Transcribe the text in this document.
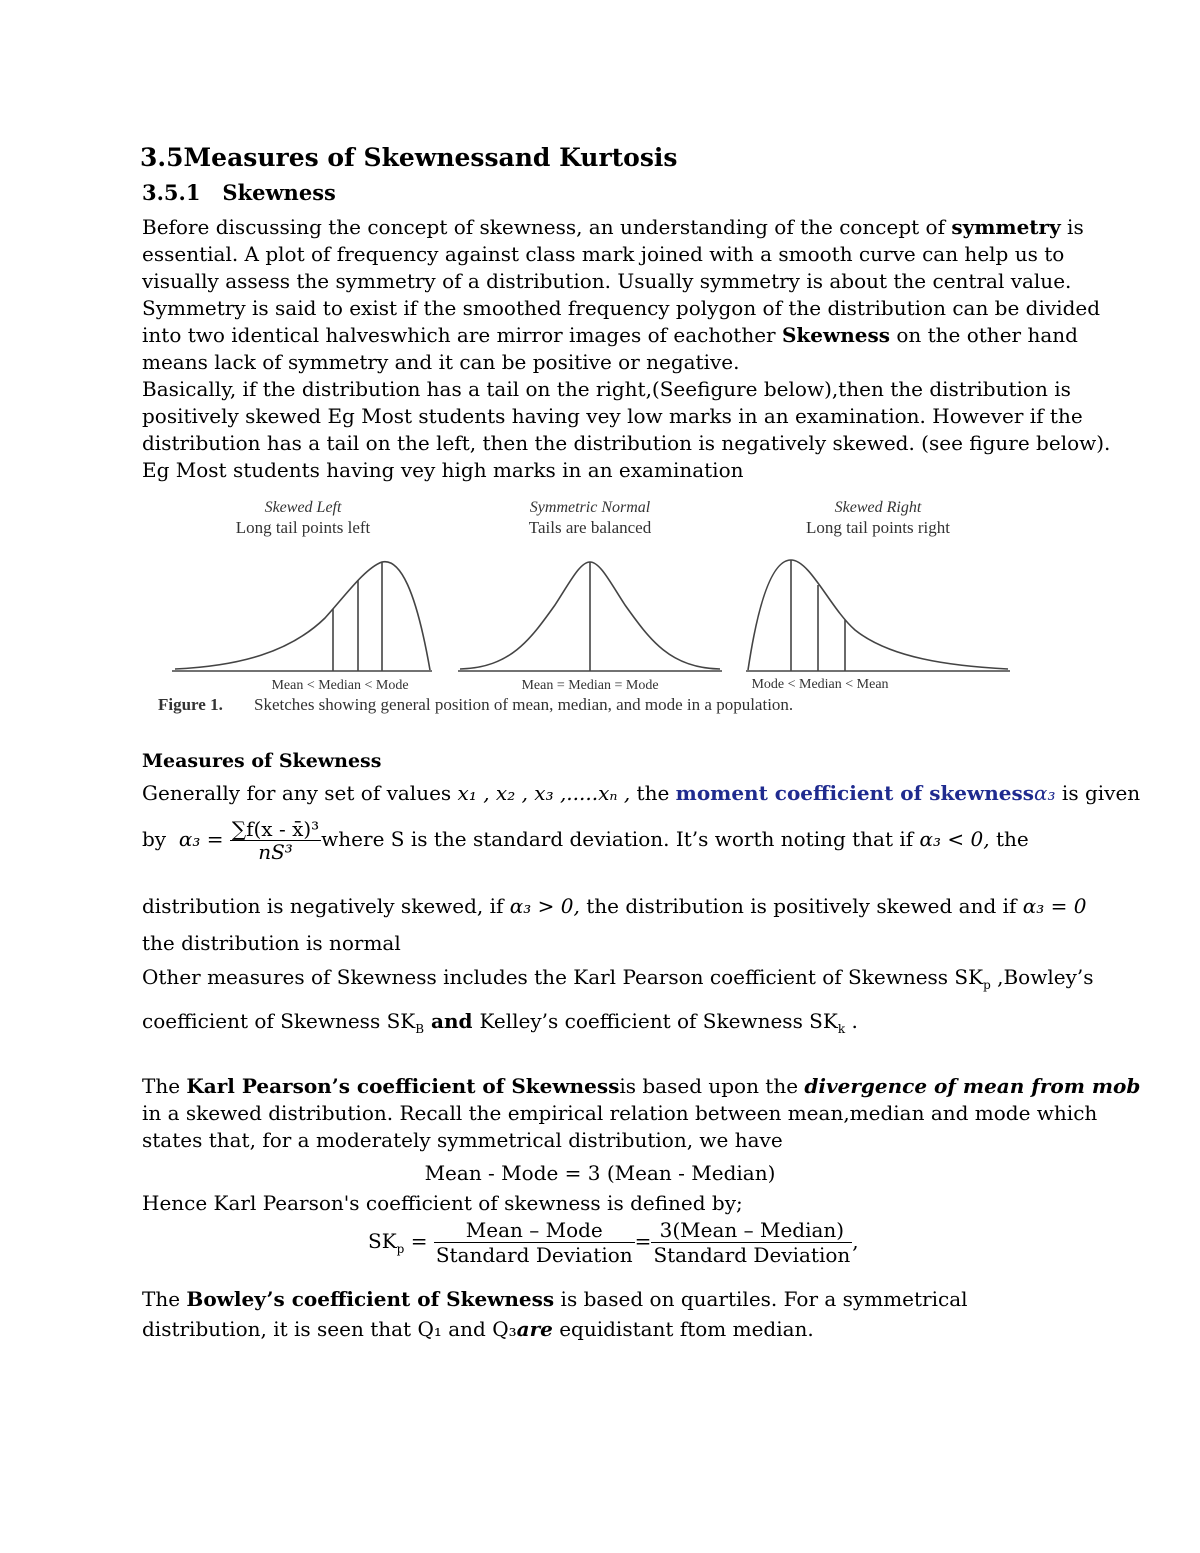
3.5Measures of Skewnessand Kurtosis
3.5.1 Skewness
Before discussing the concept of skewness, an understanding of the concept of symmetry is
essential. A plot of frequency against class mark joined with a smooth curve can help us to
visually assess the symmetry of a distribution. Usually symmetry is about the central value.
Symmetry is said to exist if the smoothed frequency polygon of the distribution can be divided
into two identical halveswhich are mirror images of eachother Skewness on the other hand
means lack of symmetry and it can be positive or negative.
Basically, if the distribution has a tail on the right,(Seefigure below),then the distribution is
positively skewed Eg Most students having vey low marks in an examination. However if the
distribution has a tail on the left, then the distribution is negatively skewed. (see figure below).
Eg Most students having vey high marks in an examination
Skewed Left
Long tail points left
Symmetric Normal
Tails are balanced
Skewed Right
Long tail points right
Mean < Median < Mode	Mean = Median = Mode	Mode < Median < Mean
Figure 1. Sketches showing general position of mean, median, and mode in a population.
Measures of Skewness
Generally for any set of values x₁ , x₂ , x₃ ,.....xₙ , the moment coefficient of skewnessα₃ is given
by $\alpha_3 = \frac{\text{∑f(x - x̄)³}}{\text{nS³}}$ where S is the standard deviation. It’s worth noting that if α₃ < 0, the
distribution is negatively skewed, if α₃ > 0, the distribution is positively skewed and if α₃ = 0
the distribution is normal
Other measures of Skewness includes the Karl Pearson coefficient of Skewness $SK_p$ ,Bowley’s
coefficient of Skewness $SK_B$ and Kelley’s coefficient of Skewness $SK_k$ .
The Karl Pearson’s coefficient of Skewnessis based upon the divergence of mean from mob
in a skewed distribution. Recall the empirical relation between mean,median and mode which
states that, for a moderately symmetrical distribution, we have
Mean - Mode = 3 (Mean - Median)
Hence Karl Pearson's coefficient of skewness is defined by;
$SK_p = \frac{\text{Mean – Mode}}{\text{Standard Deviation}} = \frac{\text{3(Mean – Median)}}{\text{Standard Deviation}}$ ,
The Bowley’s coefficient of Skewness is based on quartiles. For a symmetrical
distribution, it is seen that Q₁ and Q₃are equidistant ftom median.
